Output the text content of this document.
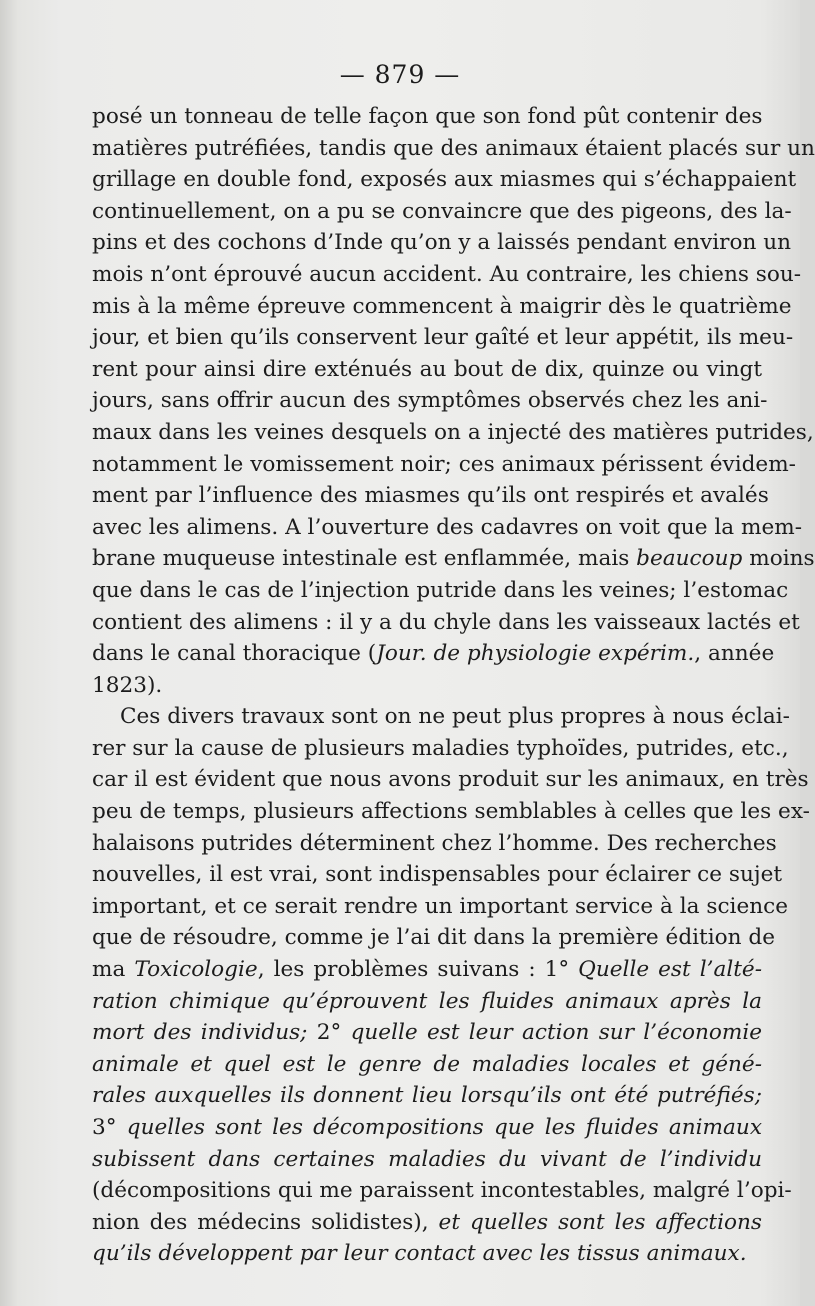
— 879 —
posé un tonneau de telle façon que son fond pût contenir des
matières putréfiées, tandis que des animaux étaient placés sur un
grillage en double fond, exposés aux miasmes qui s’échappaient
continuellement, on a pu se convaincre que des pigeons, des la-
pins et des cochons d’Inde qu’on y a laissés pendant environ un
mois n’ont éprouvé aucun accident. Au contraire, les chiens sou-
mis à la même épreuve commencent à maigrir dès le quatrième
jour, et bien qu’ils conservent leur gaîté et leur appétit, ils meu-
rent pour ainsi dire exténués au bout de dix, quinze ou vingt
jours, sans offrir aucun des symptômes observés chez les ani-
maux dans les veines desquels on a injecté des matières putrides,
notamment le vomissement noir; ces animaux périssent évidem-
ment par l’influence des miasmes qu’ils ont respirés et avalés
avec les alimens. A l’ouverture des cadavres on voit que la mem-
brane muqueuse intestinale est enflammée, mais beaucoup moins
que dans le cas de l’injection putride dans les veines; l’estomac
contient des alimens : il y a du chyle dans les vaisseaux lactés et
dans le canal thoracique (Jour. de physiologie expérim., année
1823).
Ces divers travaux sont on ne peut plus propres à nous éclai-
rer sur la cause de plusieurs maladies typhoïdes, putrides, etc.,
car il est évident que nous avons produit sur les animaux, en très
peu de temps, plusieurs affections semblables à celles que les ex-
halaisons putrides déterminent chez l’homme. Des recherches
nouvelles, il est vrai, sont indispensables pour éclairer ce sujet
important, et ce serait rendre un important service à la science
que de résoudre, comme je l’ai dit dans la première édition de
ma Toxicologie, les problèmes suivans : 1° Quelle est l’alté-
ration chimique qu’éprouvent les fluides animaux après la
mort des individus; 2° quelle est leur action sur l’économie
animale et quel est le genre de maladies locales et géné-
rales auxquelles ils donnent lieu lorsqu’ils ont été putréfiés;
3° quelles sont les décompositions que les fluides animaux
subissent dans certaines maladies du vivant de l’individu
(décompositions qui me paraissent incontestables, malgré l’opi-
nion des médecins solidistes), et quelles sont les affections
qu’ils développent par leur contact avec les tissus animaux.
